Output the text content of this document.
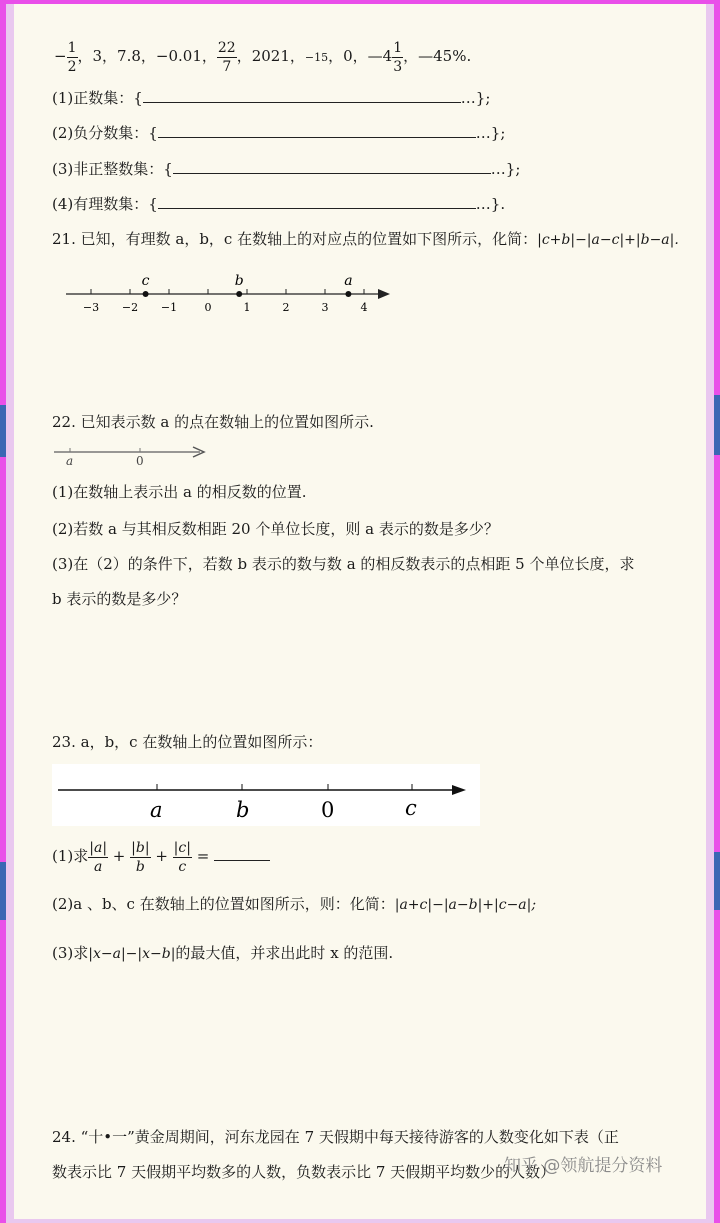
− $\frac{1}{2}$ ，3，7.8，−0.01， $\frac{22}{7}$ ，2021，−15，0，—4 $\frac{1}{3}$ ，—45%.
(1)正数集：{	…};
(2)负分数集：{	…};
(3)非正整数集：{	…};
(4)有理数集：{	…}.
21. 已知，有理数 a，b，c 在数轴上的对应点的位置如下图所示，化简：|c+b|−|a−c|+|b−a|.
−3 −2 −1 0	1	2	3	4
c	b	a
22. 已知表示数 a 的点在数轴上的位置如图所示.
a	0
(1)在数轴上表示出 a 的相反数的位置.
(2)若数 a 与其相反数相距 20 个单位长度，则 a 表示的数是多少？
(3)在（2）的条件下，若数 b 表示的数与数 a 的相反数表示的点相距 5 个单位长度，求
b 表示的数是多少？
23. a，b，c 在数轴上的位置如图所示：
a	b	0	c
(1)求 $\frac{|a|}{a} + \frac{|b|}{b} + \frac{|c|}{c}$ =
(2)a 、b、c 在数轴上的位置如图所示，则：化简：|a+c|−|a−b|+|c−a|;
(3)求|x−a|−|x−b|的最大值，并求出此时 x 的范围.
24. “十•一”黄金周期间，河东龙园在 7 天假期中每天接待游客的人数变化如下表（正
数表示比 7 天假期平均数多的人数，负数表示比 7 天假期平均数少的人数）
知乎 @领航提分资料
